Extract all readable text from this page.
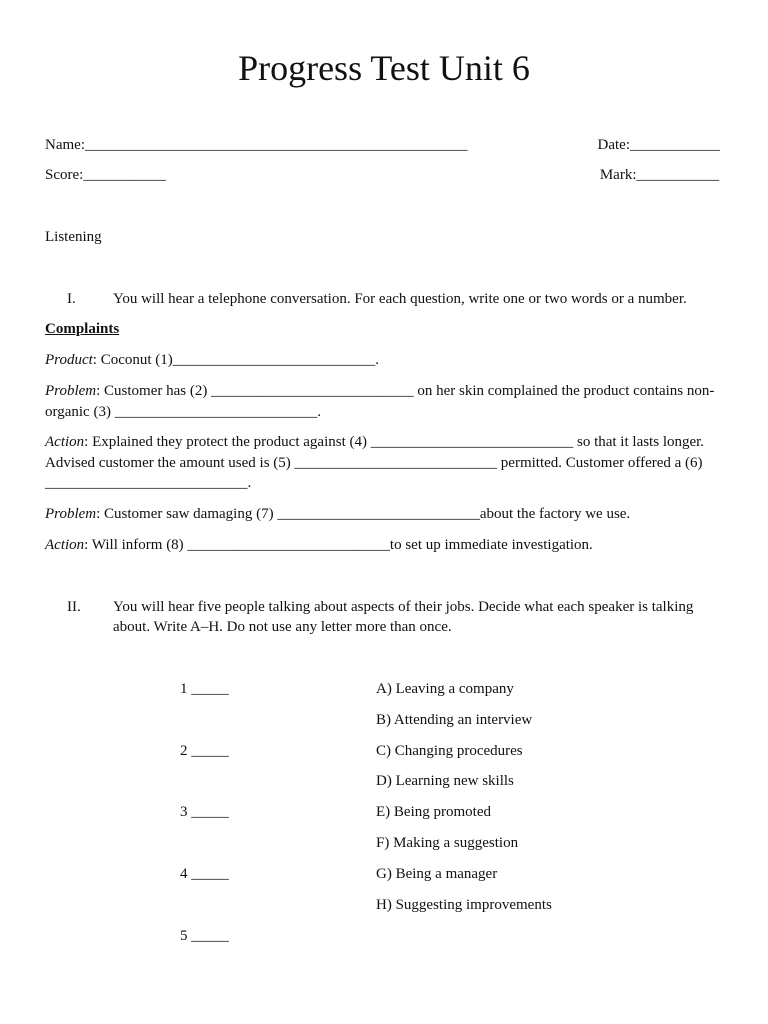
Progress Test Unit 6
Name:___________________________________________________	Date:____________
Score:___________	Mark:___________
Listening
I. You will hear a telephone conversation. For each question, write one or two words or a number.
Complaints
Product: Coconut (1)___________________________.
Problem: Customer has (2) ___________________________ on her skin complained the product contains non-organic (3) ___________________________.
Action: Explained they protect the product against (4) ___________________________ so that it lasts longer. Advised customer the amount used is (5) ___________________________ permitted. Customer offered a (6) ___________________________.
Problem: Customer saw damaging (7) ___________________________about the factory we use.
Action: Will inform (8) ___________________________to set up immediate investigation.
II. You will hear five people talking about aspects of their jobs. Decide what each speaker is talking about. Write A–H. Do not use any letter more than once.
1 _____
2 _____
3 _____
4 _____
5 _____
A) Leaving a company
B) Attending an interview
C) Changing procedures
D) Learning new skills
E) Being promoted
F) Making a suggestion
G) Being a manager
H) Suggesting improvements
